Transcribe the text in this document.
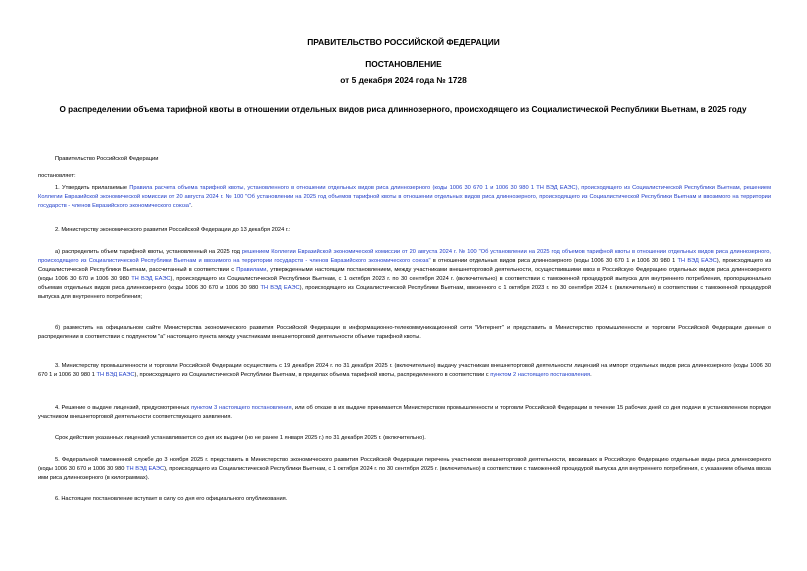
ПРАВИТЕЛЬСТВО РОССИЙСКОЙ ФЕДЕРАЦИИ
ПОСТАНОВЛЕНИЕ
от 5 декабря 2024 года № 1728
О распределении объема тарифной квоты в отношении отдельных видов риса длиннозерного, происходящего из Социалистической Республики Вьетнам, в 2025 году
Правительство Российской Федерации
постановляет:
1. Утвердить прилагаемые Правила расчета объема тарифной квоты, установленного в отношении отдельных видов риса длиннозерного (коды 1006 30 670 1 и 1006 30 980 1 ТН ВЭД ЕАЭС), происходящего из Социалистической Республики Вьетнам, решением Коллегии Евразийской экономической комиссии от 20 августа 2024 г. № 100 "Об установлении на 2025 год объемов тарифной квоты в отношении отдельных видов риса длиннозерного, происходящего из Социалистической Республики Вьетнам и ввозимого на территории государств - членов Евразийского экономического союза".
2. Министерству экономического развития Российской Федерации до 13 декабря 2024 г.:
а) распределить объем тарифной квоты, установленный на 2025 год решением Коллегии Евразийской экономической комиссии от 20 августа 2024 г. № 100 "Об установлении на 2025 год объемов тарифной квоты в отношении отдельных видов риса длиннозерного, происходящего из Социалистической Республики Вьетнам и ввозимого на территории государств - членов Евразийского экономического союза" в отношении отдельных видов риса длиннозерного (коды 1006 30 670 1 и 1006 30 980 1 ТН ВЭД ЕАЭС), происходящего из Социалистической Республики Вьетнам, рассчитанный в соответствии с Правилами, утвержденными настоящим постановлением, между участниками внешнеторговой деятельности, осуществившими ввоз в Российскую Федерацию отдельных видов риса длиннозерного (коды 1006 30 670 и 1006 30 980 ТН ВЭД ЕАЭС), происходящего из Социалистической Республики Вьетнам, с 1 октября 2023 г. по 30 сентября 2024 г. (включительно) в соответствии с таможенной процедурой выпуска для внутреннего потребления, пропорционально объемам отдельных видов риса длиннозерного (коды 1006 30 670 и 1006 30 980 ТН ВЭД ЕАЭС), происходящего из Социалистической Республики Вьетнам, ввезенного с 1 октября 2023 г. по 30 сентября 2024 г. (включительно) в соответствии с таможенной процедурой выпуска для внутреннего потребления;
б) разместить на официальном сайте Министерства экономического развития Российской Федерации в информационно-телекоммуникационной сети "Интернет" и представить в Министерство промышленности и торговли Российской Федерации данные о распределении в соответствии с подпунктом "а" настоящего пункта между участниками внешнеторговой деятельности объеме тарифной квоты.
3. Министерству промышленности и торговли Российской Федерации осуществить с 19 декабря 2024 г. по 31 декабря 2025 г. (включительно) выдачу участникам внешнеторговой деятельности лицензий на импорт отдельных видов риса длиннозерного (коды 1006 30 670 1 и 1006 30 980 1 ТН ВЭД ЕАЭС), происходящего из Социалистической Республики Вьетнам, в пределах объема тарифной квоты, распределенного в соответствии с пунктом 2 настоящего постановления.
4. Решение о выдаче лицензий, предусмотренных пунктом 3 настоящего постановления, или об отказе в их выдаче принимается Министерством промышленности и торговли Российской Федерации в течение 15 рабочих дней со дня подачи в установленном порядке участником внешнеторговой деятельности соответствующего заявления.
Срок действия указанных лицензий устанавливается со дня их выдачи (но не ранее 1 января 2025 г.) по 31 декабря 2025 г. (включительно).
5. Федеральной таможенной службе до 3 ноября 2025 г. представить в Министерство экономического развития Российской Федерации перечень участников внешнеторговой деятельности, ввозивших в Российскую Федерацию отдельные виды риса длиннозерного (коды 1006 30 670 и 1006 30 980 ТН ВЭД ЕАЭС), происходящего из Социалистической Республики Вьетнам, с 1 октября 2024 г. по 30 сентября 2025 г. (включительно) в соответствии с таможенной процедурой выпуска для внутреннего потребления, с указанием объема ввоза ими риса длиннозерного (в килограммах).
6. Настоящее постановление вступает в силу со дня его официального опубликования.
